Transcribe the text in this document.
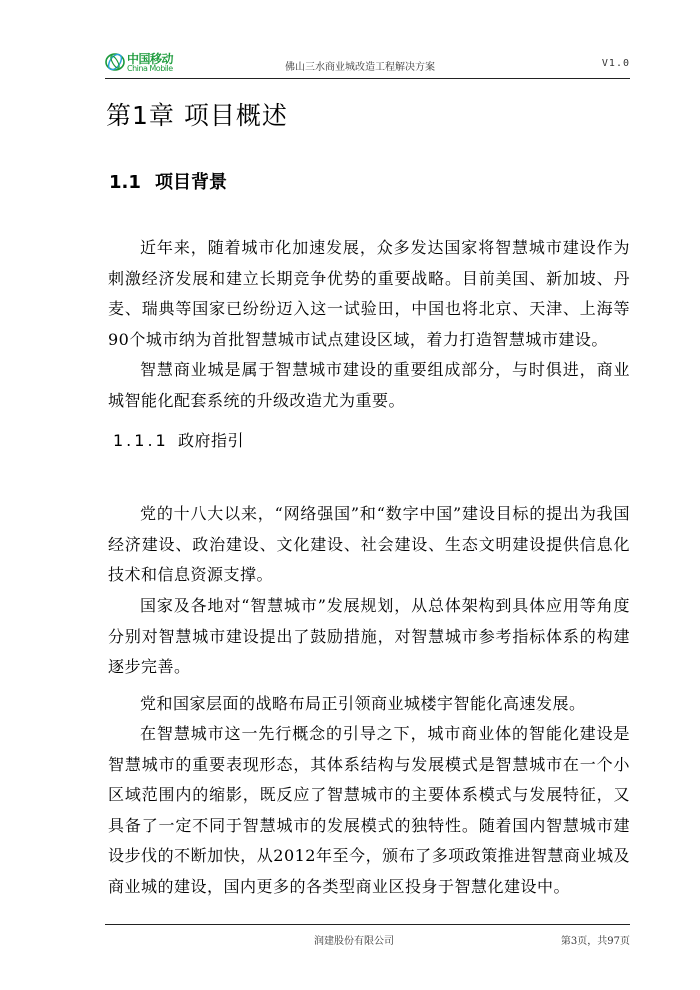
中国移动
China Mobile	佛山三水商业城改造工程解决方案	V1.0
第1章 项目概述
1.1 项目背景

近年来，随着城市化加速发展，众多发达国家将智慧城市建设作为刺激经济发展和建立长期竞争优势的重要战略。目前美国、新加坡、丹麦、瑞典等国家已纷纷迈入这一试验田，中国也将北京、天津、上海等90个城市纳为首批智慧城市试点建设区域，着力打造智慧城市建设。

智慧商业城是属于智慧城市建设的重要组成部分，与时俱进，商业城智能化配套系统的升级改造尤为重要。

1.1.1 政府指引

党的十八大以来，“网络强国”和“数字中国”建设目标的提出为我国经济建设、政治建设、文化建设、社会建设、生态文明建设提供信息化技术和信息资源支撑。

国家及各地对“智慧城市”发展规划，从总体架构到具体应用等角度分别对智慧城市建设提出了鼓励措施，对智慧城市参考指标体系的构建逐步完善。

党和国家层面的战略布局正引领商业城楼宇智能化高速发展。

在智慧城市这一先行概念的引导之下，城市商业体的智能化建设是智慧城市的重要表现形态，其体系结构与发展模式是智慧城市在一个小区域范围内的缩影，既反应了智慧城市的主要体系模式与发展特征，又具备了一定不同于智慧城市的发展模式的独特性。随着国内智慧城市建设步伐的不断加快，从2012年至今，颁布了多项政策推进智慧商业城及商业城的建设，国内更多的各类型商业区投身于智慧化建设中。

润建股份有限公司	第3页，共97页
